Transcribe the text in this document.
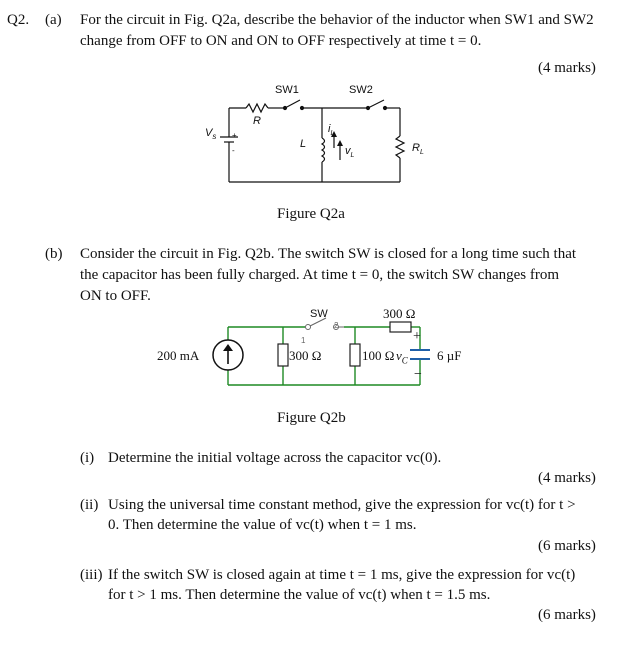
Q2. (a) For the circuit in Fig. Q2a, describe the behavior of the inductor when SW1 and SW2
change from OFF to ON and ON to OFF respectively at time t = 0.
(4 marks)
SW1	SW2
R
$V_s$ +
-
L
$i_L$
$v_L$
$R_L$
Figure Q2a
(b) Consider the circuit in Fig. Q2b. The switch SW is closed for a long time such that
the capacitor has been fully charged. At time t = 0, the switch SW changes from
ON to OFF.
SW
1
2
300 Ω
200 mA	300 Ω	100 Ω
+
$v_C$
−
6 µF
Figure Q2b
(i) Determine the initial voltage across the capacitor vc(0).
(4 marks)
(ii) Using the universal time constant method, give the expression for vc(t) for t >
0. Then determine the value of vc(t) when t = 1 ms.
(6 marks)
(iii) If the switch SW is closed again at time t = 1 ms, give the expression for vc(t)
for t > 1 ms. Then determine the value of vc(t) when t = 1.5 ms.
(6 marks)
